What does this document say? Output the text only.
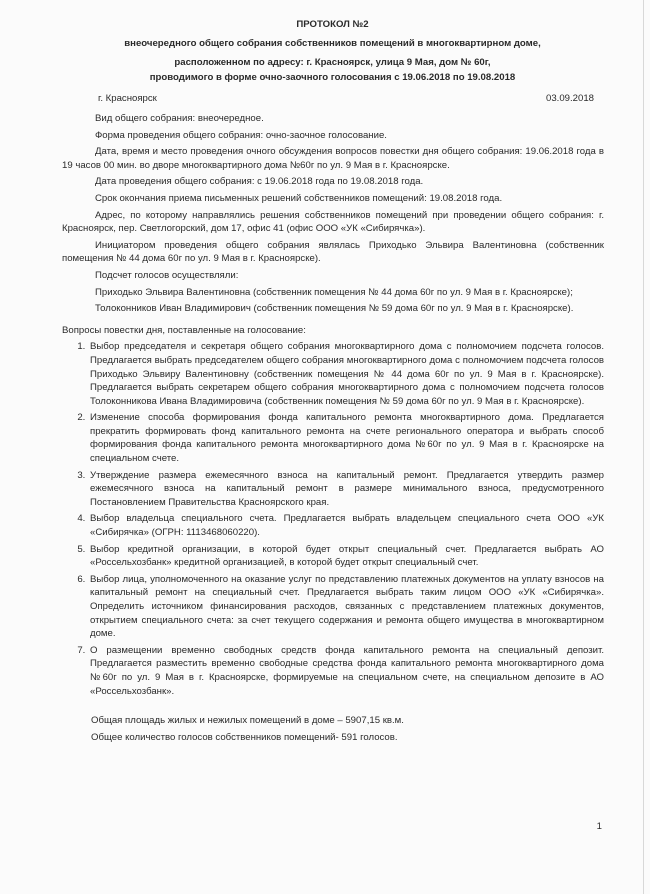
ПРОТОКОЛ №2
внеочередного общего собрания собственников помещений в многоквартирном доме,
расположенном по адресу: г. Красноярск, улица 9 Мая, дом № 60г,
проводимого в форме очно-заочного голосования с 19.06.2018 по 19.08.2018
г. Красноярск	03.09.2018

Вид общего собрания: внеочередное.

Форма проведения общего собрания: очно-заочное голосование.

Дата, время и место проведения очного обсуждения вопросов повестки дня общего собрания: 19.06.2018 года в 19 часов 00 мин. во дворе многоквартирного дома №60г по ул. 9 Мая в г. Красноярске.

Дата проведения общего собрания: с 19.06.2018 года по 19.08.2018 года.

Срок окончания приема письменных решений собственников помещений: 19.08.2018 года.

Адрес, по которому направлялись решения собственников помещений при проведении общего собрания: г. Красноярск, пер. Светлогорский, дом 17, офис 41 (офис ООО «УК «Сибирячка»).

Инициатором проведения общего собрания являлась Приходько Эльвира Валентиновна (собственник помещения № 44 дома 60г по ул. 9 Мая в г. Красноярске).

Подсчет голосов осуществляли:

Приходько Эльвира Валентиновна (собственник помещения № 44 дома 60г по ул. 9 Мая в г. Красноярске);

Толоконников Иван Владимирович (собственник помещения № 59 дома 60г по ул. 9 Мая в г. Красноярске).

Вопросы повестки дня, поставленные на голосование:

1. Выбор председателя и секретаря общего собрания многоквартирного дома с полномочием подсчета голосов. Предлагается выбрать председателем общего собрания многоквартирного дома с полномочием подсчета голосов Приходько Эльвиру Валентиновну (собственник помещения № 44 дома 60г по ул. 9 Мая в г. Красноярске). Предлагается выбрать секретарем общего собрания многоквартирного дома с полномочием подсчета голосов Толоконникова Ивана Владимировича (собственник помещения № 59 дома 60г по ул. 9 Мая в г. Красноярске).
2. Изменение способа формирования фонда капитального ремонта многоквартирного дома. Предлагается прекратить формировать фонд капитального ремонта на счете регионального оператора и выбрать способ формирования фонда капитального ремонта многоквартирного дома №60г по ул. 9 Мая в г. Красноярске на специальном счете.
3. Утверждение размера ежемесячного взноса на капитальный ремонт. Предлагается утвердить размер ежемесячного взноса на капитальный ремонт в размере минимального взноса, предусмотренного Постановлением Правительства Красноярского края.
4. Выбор владельца специального счета. Предлагается выбрать владельцем специального счета ООО «УК «Сибирячка» (ОГРН: 1113468060220).
5. Выбор кредитной организации, в которой будет открыт специальный счет. Предлагается выбрать АО «Россельхозбанк» кредитной организацией, в которой будет открыт специальный счет.
6. Выбор лица, уполномоченного на оказание услуг по представлению платежных документов на уплату взносов на капитальный ремонт на специальный счет. Предлагается выбрать таким лицом ООО «УК «Сибирячка». Определить источником финансирования расходов, связанных с представлением платежных документов, открытием специального счета: за счет текущего содержания и ремонта общего имущества в многоквартирном доме.
7. О размещении временно свободных средств фонда капитального ремонта на специальный депозит. Предлагается разместить временно свободные средства фонда капитального ремонта многоквартирного дома №60г по ул. 9 Мая в г. Красноярске, формируемые на специальном счете, на специальном депозите в АО «Россельхозбанк».

Общая площадь жилых и нежилых помещений в доме – 5907,15 кв.м.

Общее количество голосов собственников помещений- 591 голосов.

1
